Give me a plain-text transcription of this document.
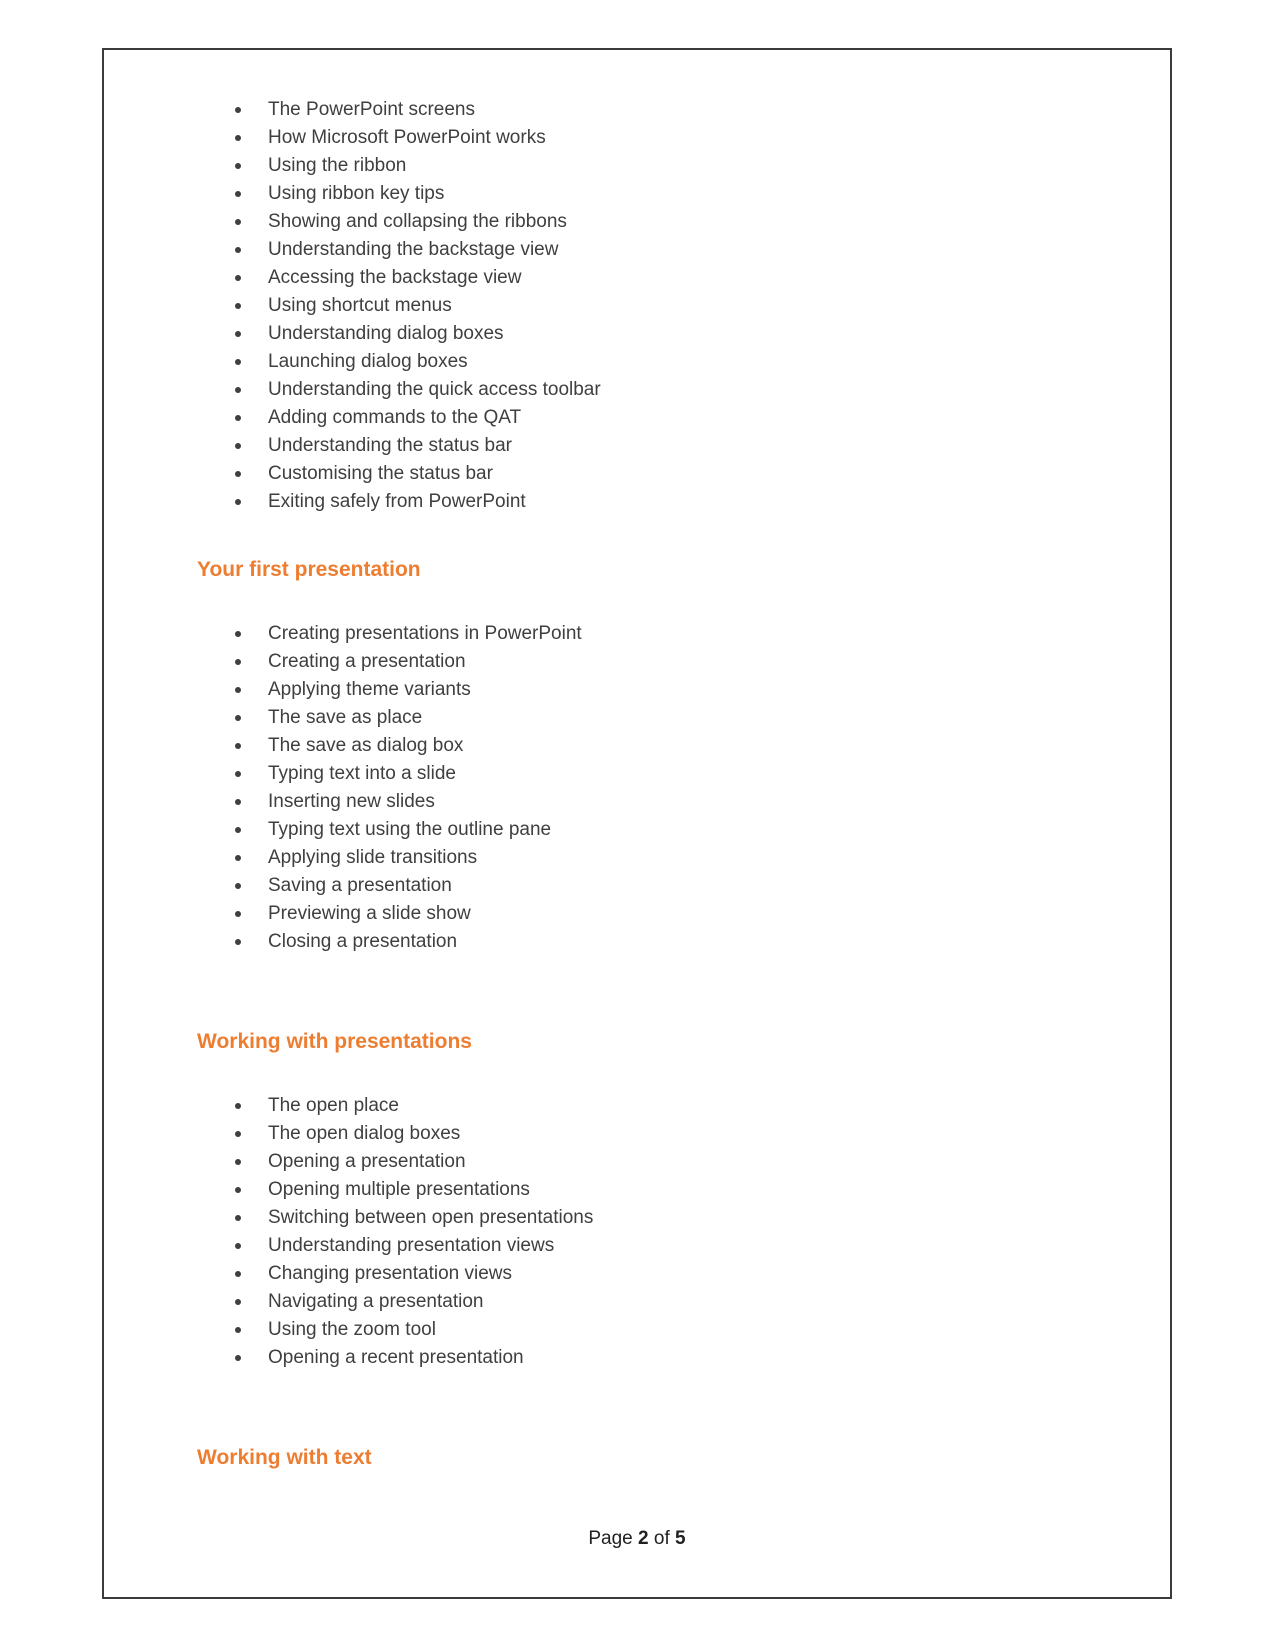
The PowerPoint screens
How Microsoft PowerPoint works
Using the ribbon
Using ribbon key tips
Showing and collapsing the ribbons
Understanding the backstage view
Accessing the backstage view
Using shortcut menus
Understanding dialog boxes
Launching dialog boxes
Understanding the quick access toolbar
Adding commands to the QAT
Understanding the status bar
Customising the status bar
Exiting safely from PowerPoint
Your first presentation
Creating presentations in PowerPoint
Creating a presentation
Applying theme variants
The save as place
The save as dialog box
Typing text into a slide
Inserting new slides
Typing text using the outline pane
Applying slide transitions
Saving a presentation
Previewing a slide show
Closing a presentation
Working with presentations
The open place
The open dialog boxes
Opening a presentation
Opening multiple presentations
Switching between open presentations
Understanding presentation views
Changing presentation views
Navigating a presentation
Using the zoom tool
Opening a recent presentation
Working with text
Page 2 of 5
